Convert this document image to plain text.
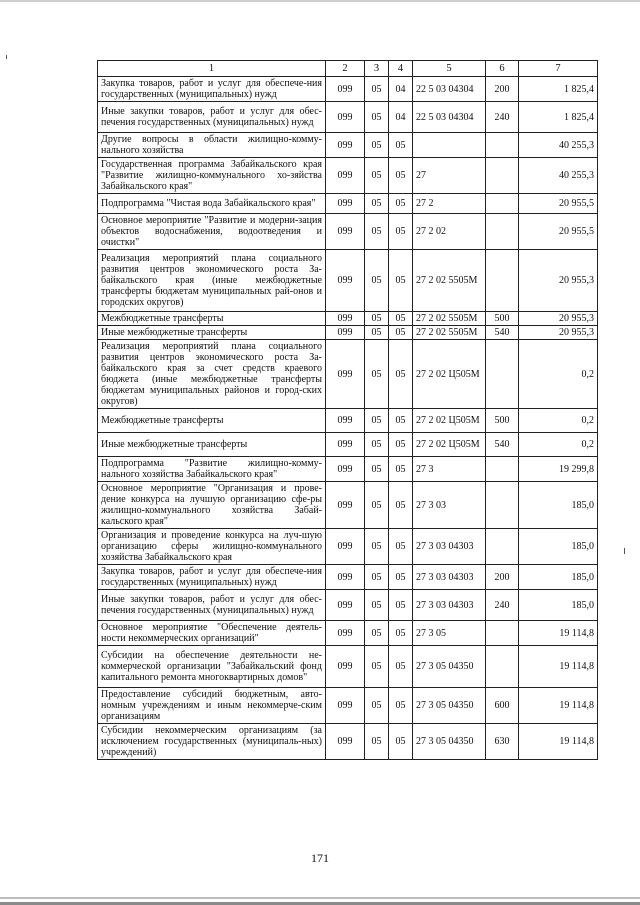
1	2	3	4	5	6	7
Закупка товаров, работ и услуг для обеспече-ния государственных (муниципальных) нужд	099	05	04	22 5 03 04304	200	1 825,4
Иные закупки товаров, работ и услуг для обес-печения государственных (муниципальных) нужд	099	05	04	22 5 03 04304	240	1 825,4
Другие вопросы в области жилищно-комму-нального хозяйства	099	05	05			40 255,3
Государственная программа Забайкальского края "Развитие жилищно-коммунального хо-зяйства Забайкальского края"	099	05	05	27		40 255,3
Подпрограмма "Чистая вода Забайкальского края"	099	05	05	27 2		20 955,5
Основное мероприятие "Развитие и модерни-зация объектов водоснабжения, водоотведения и очистки"	099	05	05	27 2 02		20 955,5
Реализация мероприятий плана социального развития центров экономического роста За-байкальского края (иные межбюджетные трансферты бюджетам муниципальных рай-онов и городских округов)	099	05	05	27 2 02 5505М		20 955,3
Межбюджетные трансферты	099	05	05	27 2 02 5505М	500	20 955,3
Иные межбюджетные трансферты	099	05	05	27 2 02 5505М	540	20 955,3
Реализация мероприятий плана социального развития центров экономического роста За-байкальского края за счет средств краевого бюджета (иные межбюджетные трансферты бюджетам муниципальных районов и город-ских округов)	099	05	05	27 2 02 Ц505М		0,2
Межбюджетные трансферты	099	05	05	27 2 02 Ц505М	500	0,2
Иные межбюджетные трансферты	099	05	05	27 2 02 Ц505М	540	0,2
Подпрограмма "Развитие жилищно-комму-нального хозяйства Забайкальского края"	099	05	05	27 3		19 299,8
Основное мероприятие "Организация и прове-дение конкурса на лучшую организацию сфе-ры жилищно-коммунального хозяйства Забай-кальского края"	099	05	05	27 3 03		185,0
Организация и проведение конкурса на луч-шую организацию сферы жилищно-коммунального хозяйства Забайкальского края	099	05	05	27 3 03 04303		185,0
Закупка товаров, работ и услуг для обеспече-ния государственных (муниципальных) нужд	099	05	05	27 3 03 04303	200	185,0
Иные закупки товаров, работ и услуг для обес-печения государственных (муниципальных) нужд	099	05	05	27 3 03 04303	240	185,0
Основное мероприятие "Обеспечение деятель-ности некоммерческих организаций"	099	05	05	27 3 05		19 114,8
Субсидии на обеспечение деятельности не-коммерческой организации "Забайкальский фонд капитального ремонта многоквартирных домов"	099	05	05	27 3 05 04350		19 114,8
Предоставление субсидий бюджетным, авто-номным учреждениям и иным некоммерче-ским организациям	099	05	05	27 3 05 04350	600	19 114,8
Субсидии некоммерческим организациям (за исключением государственных (муниципаль-ных) учреждений)	099	05	05	27 3 05 04350	630	19 114,8
171
